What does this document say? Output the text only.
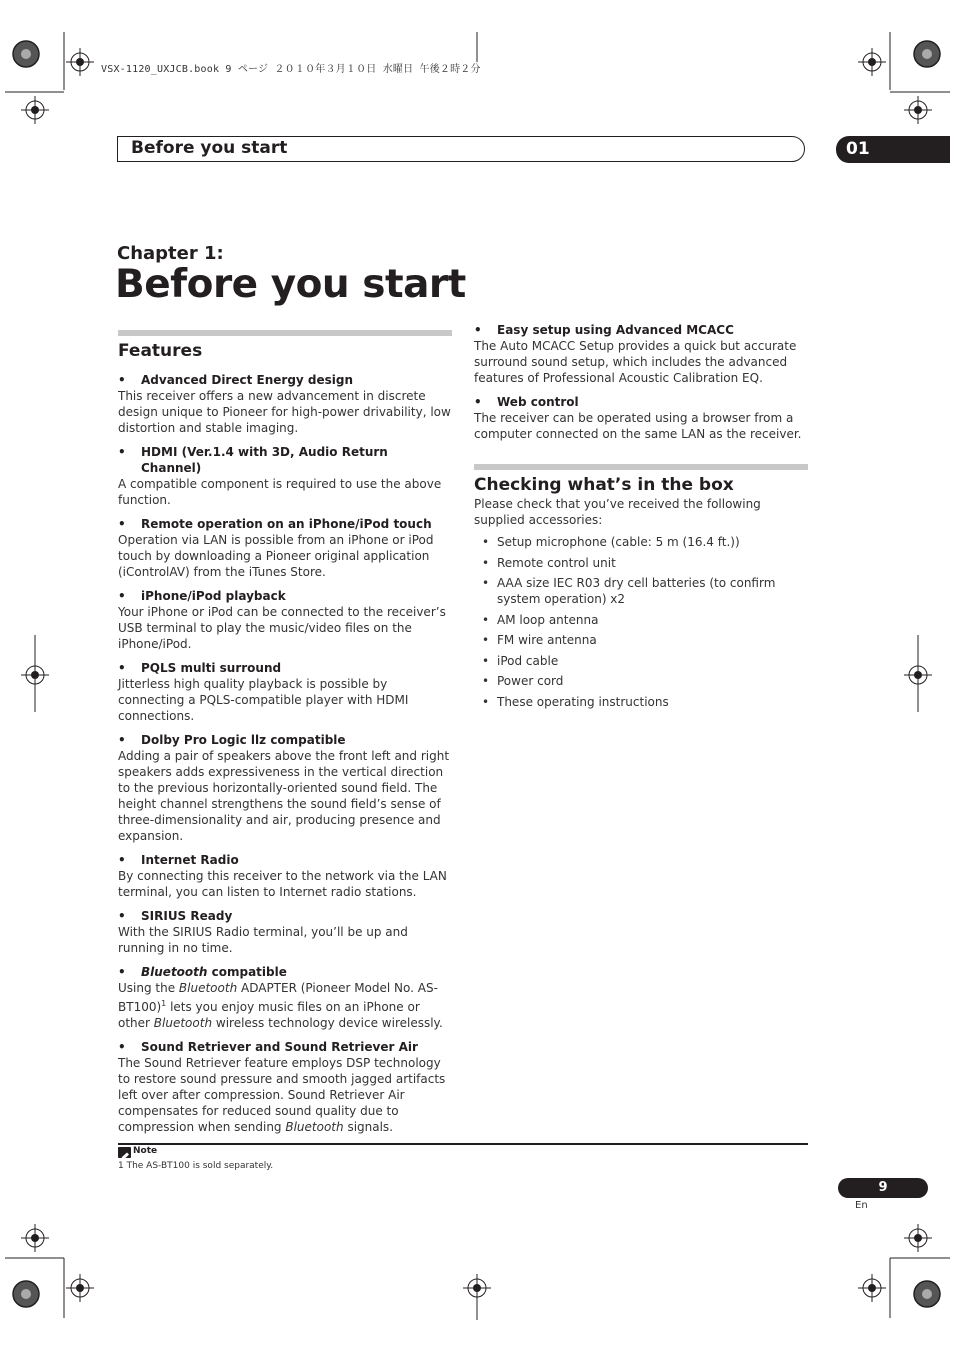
VSX-1120_UXJCB.book 9 ページ ２０１０年３月１０日 水曜日 午後２時２分
Before you start	01
Chapter 1:
Before you start
Features
•	Advanced Direct Energy design
This receiver offers a new advancement in discrete design unique to Pioneer for high-power drivability, low distortion and stable imaging.
•	HDMI (Ver.1.4 with 3D, Audio Return Channel)
A compatible component is required to use the above function.
•	Remote operation on an iPhone/iPod touch
Operation via LAN is possible from an iPhone or iPod touch by downloading a Pioneer original application (iControlAV) from the iTunes Store.
•	iPhone/iPod playback
Your iPhone or iPod can be connected to the receiver’s USB terminal to play the music/video files on the iPhone/iPod.
•	PQLS multi surround
Jitterless high quality playback is possible by connecting a PQLS-compatible player with HDMI connections.
•	Dolby Pro Logic llz compatible
Adding a pair of speakers above the front left and right speakers adds expressiveness in the vertical direction to the previous horizontally-oriented sound field. The height channel strengthens the sound field’s sense of three-dimensionality and air, producing presence and expansion.
•	Internet Radio
By connecting this receiver to the network via the LAN terminal, you can listen to Internet radio stations.
•	SIRIUS Ready
With the SIRIUS Radio terminal, you’ll be up and running in no time.
•	Bluetooth compatible
Using the Bluetooth ADAPTER (Pioneer Model No. AS-BT100)$^1$ lets you enjoy music files on an iPhone or other Bluetooth wireless technology device wirelessly.
•	Sound Retriever and Sound Retriever Air
The Sound Retriever feature employs DSP technology to restore sound pressure and smooth jagged artifacts left over after compression. Sound Retriever Air compensates for reduced sound quality due to compression when sending Bluetooth signals.
•	Easy setup using Advanced MCACC
The Auto MCACC Setup provides a quick but accurate surround sound setup, which includes the advanced features of Professional Acoustic Calibration EQ.
•	Web control
The receiver can be operated using a browser from a computer connected on the same LAN as the receiver.
Checking what’s in the box
Please check that you’ve received the following supplied accessories:
• Setup microphone (cable: 5 m (16.4 ft.))
• Remote control unit
• AAA size IEC R03 dry cell batteries (to confirm system operation) x2
• AM loop antenna
• FM wire antenna
• iPod cable
• Power cord
• These operating instructions
Note
1 The AS-BT100 is sold separately.
9
En
